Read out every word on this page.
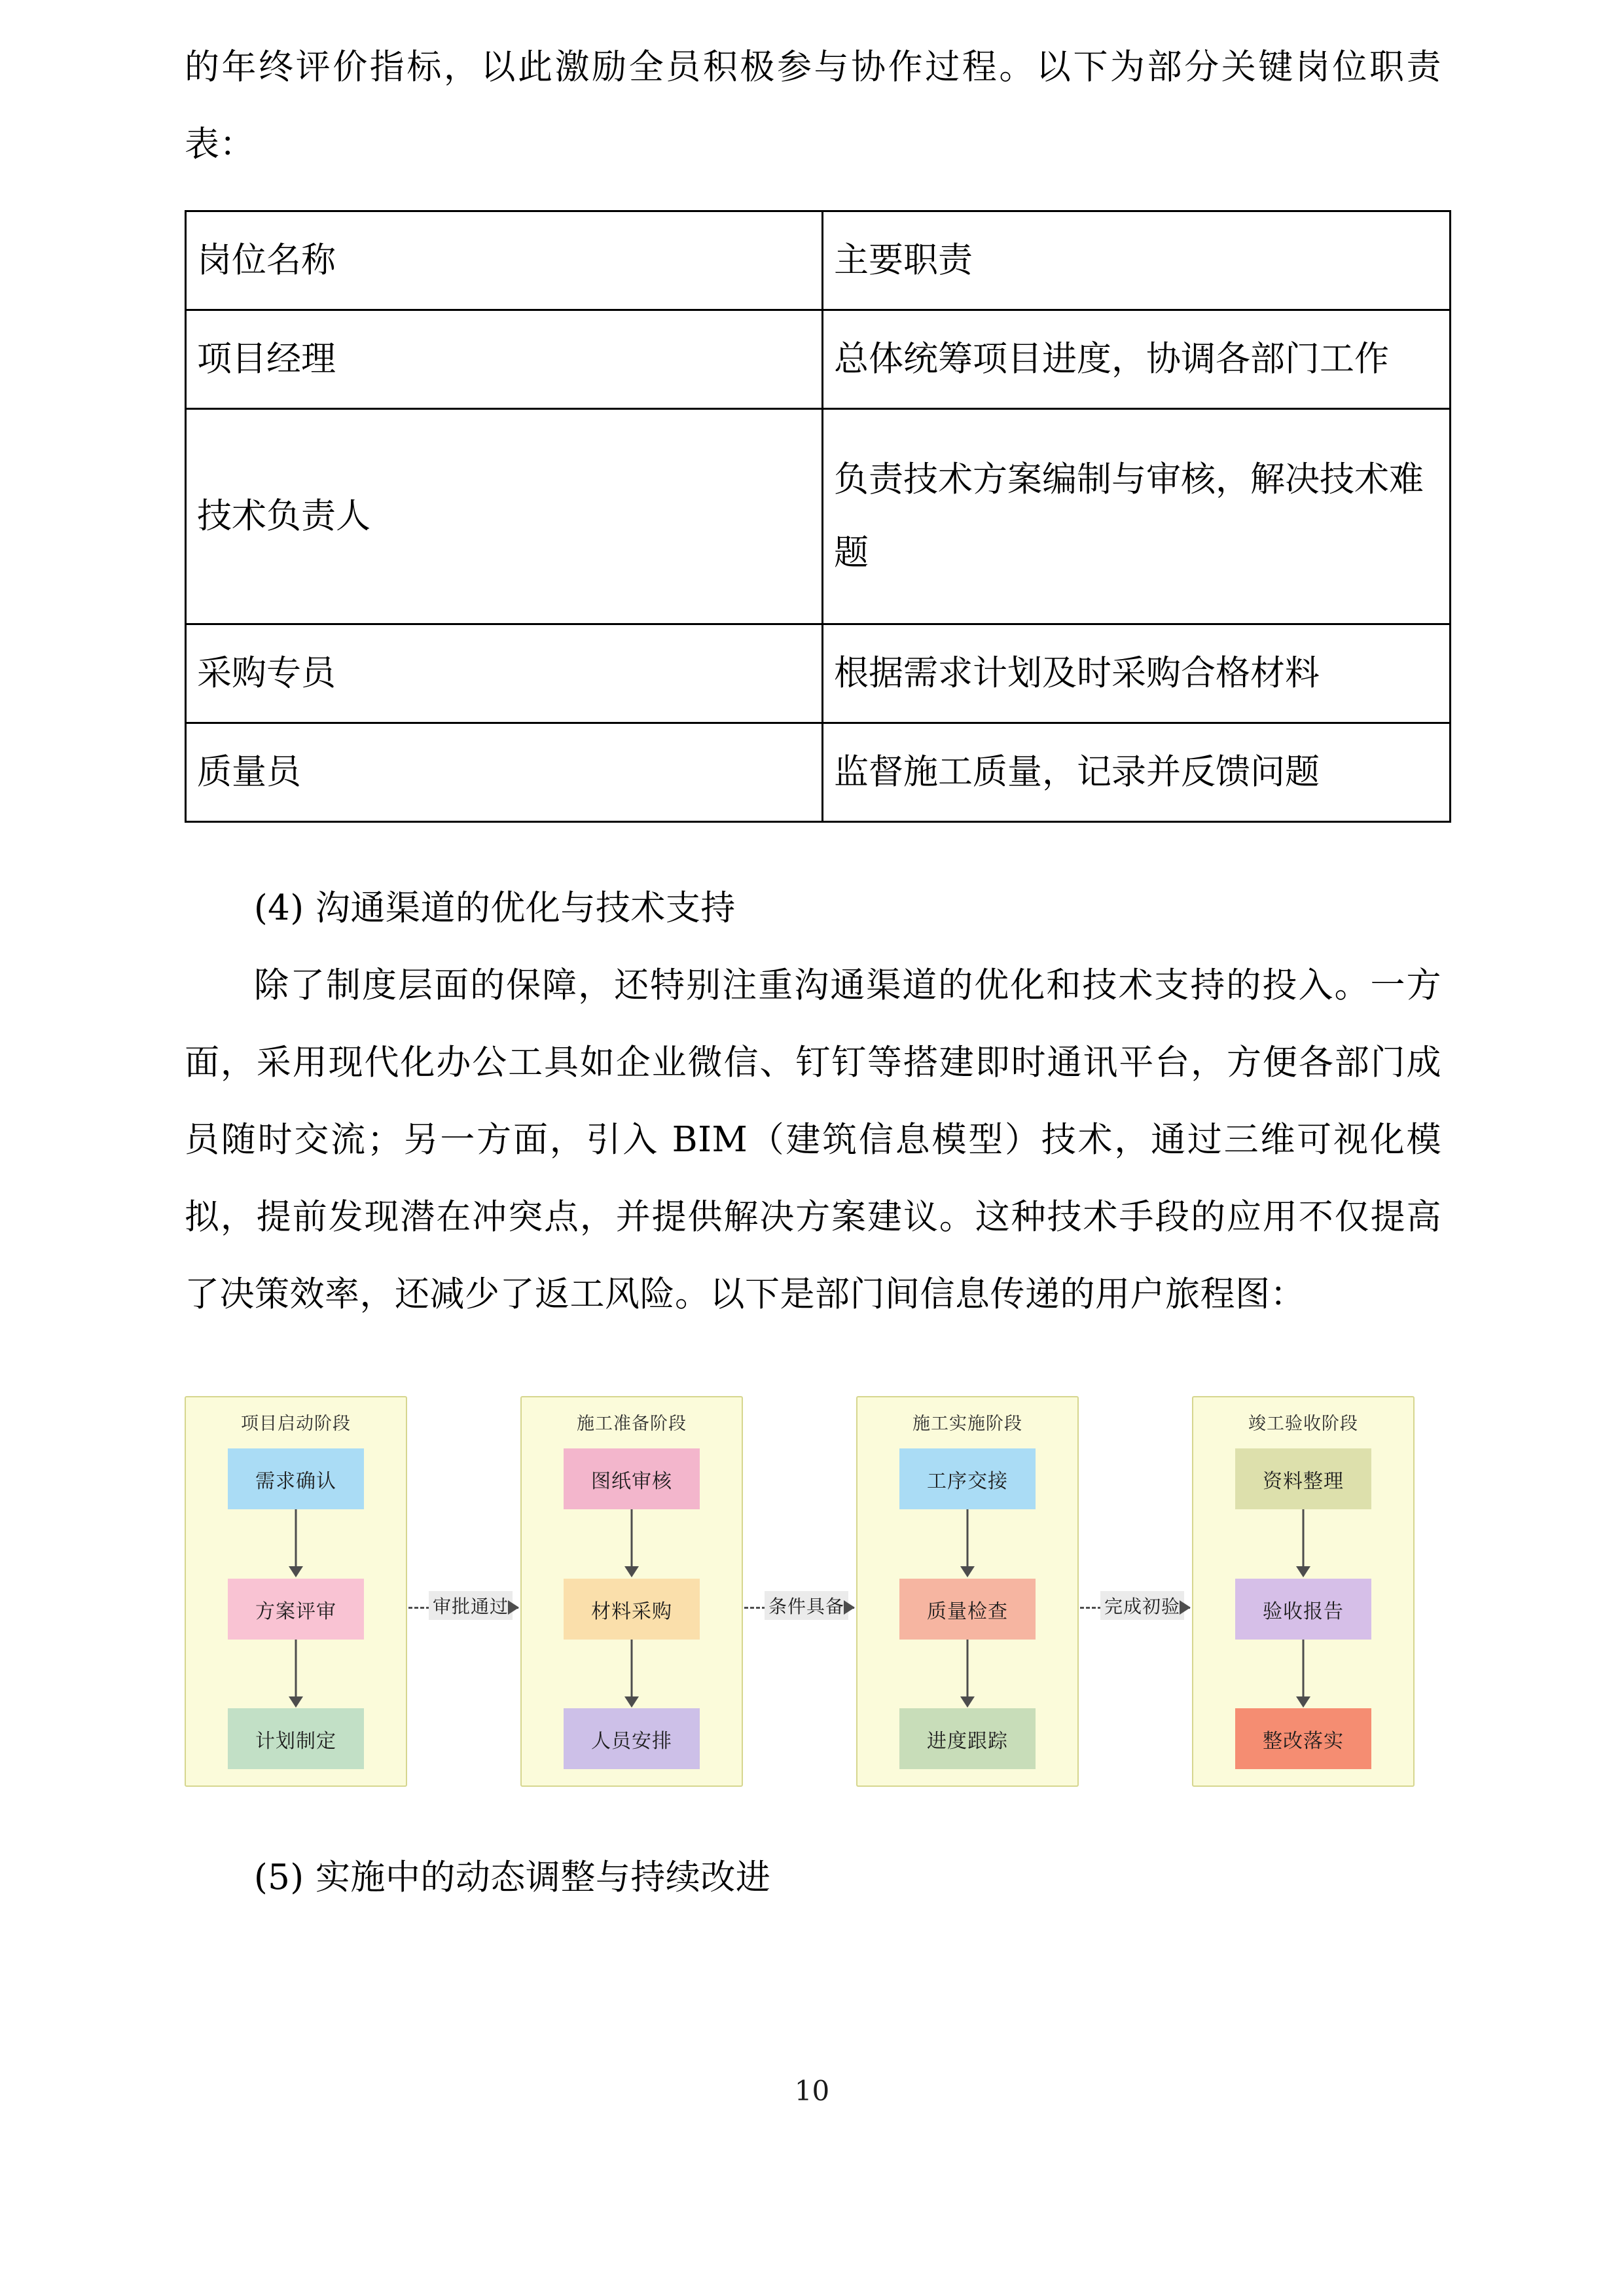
的年终评价指标，以此激励全员积极参与协作过程。以下为部分关键岗位职责表：

岗位名称	主要职责
项目经理	总体统筹项目进度，协调各部门工作
技术负责人	负责技术方案编制与审核，解决技术难题
采购专员	根据需求计划及时采购合格材料
质量员	监督施工质量，记录并反馈问题

(4) 沟通渠道的优化与技术支持

除了制度层面的保障，还特别注重沟通渠道的优化和技术支持的投入。一方面，采用现代化办公工具如企业微信、钉钉等搭建即时通讯平台，方便各部门成员随时交流；另一方面，引入 BIM（建筑信息模型）技术，通过三维可视化模拟，提前发现潜在冲突点，并提供解决方案建议。这种技术手段的应用不仅提高了决策效率，还减少了返工风险。以下是部门间信息传递的用户旅程图：

项目启动阶段
需求确认
方案评审
计划制定
施工准备阶段
图纸审核
材料采购
人员安排
施工实施阶段
工序交接
质量检查
进度跟踪
竣工验收阶段
资料整理
验收报告
整改落实
审批通过	条件具备	完成初验

(5) 实施中的动态调整与持续改进

10
